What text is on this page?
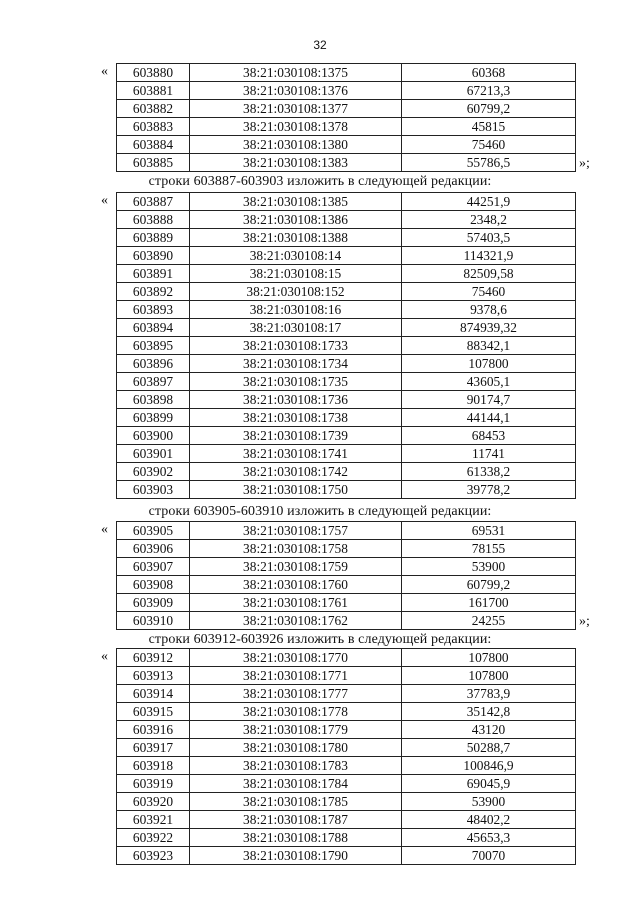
32
« 603880	38:21:030108:1375	60368
603881	38:21:030108:1376	67213,3
603882	38:21:030108:1377	60799,2
603883	38:21:030108:1378	45815
603884	38:21:030108:1380	75460
603885	38:21:030108:1383	55786,5	»;
строки 603887-603903 изложить в следующей редакции:
« 603887	38:21:030108:1385	44251,9
603888	38:21:030108:1386	2348,2
603889	38:21:030108:1388	57403,5
603890	38:21:030108:14	114321,9
603891	38:21:030108:15	82509,58
603892	38:21:030108:152	75460
603893	38:21:030108:16	9378,6
603894	38:21:030108:17	874939,32
603895	38:21:030108:1733	88342,1
603896	38:21:030108:1734	107800
603897	38:21:030108:1735	43605,1
603898	38:21:030108:1736	90174,7
603899	38:21:030108:1738	44144,1
603900	38:21:030108:1739	68453
603901	38:21:030108:1741	11741
603902	38:21:030108:1742	61338,2
603903	38:21:030108:1750	39778,2
строки 603905-603910 изложить в следующей редакции:
« 603905	38:21:030108:1757	69531
603906	38:21:030108:1758	78155
603907	38:21:030108:1759	53900
603908	38:21:030108:1760	60799,2
603909	38:21:030108:1761	161700
603910	38:21:030108:1762	24255	»;
строки 603912-603926 изложить в следующей редакции:
« 603912	38:21:030108:1770	107800
603913	38:21:030108:1771	107800
603914	38:21:030108:1777	37783,9
603915	38:21:030108:1778	35142,8
603916	38:21:030108:1779	43120
603917	38:21:030108:1780	50288,7
603918	38:21:030108:1783	100846,9
603919	38:21:030108:1784	69045,9
603920	38:21:030108:1785	53900
603921	38:21:030108:1787	48402,2
603922	38:21:030108:1788	45653,3
603923	38:21:030108:1790	70070
